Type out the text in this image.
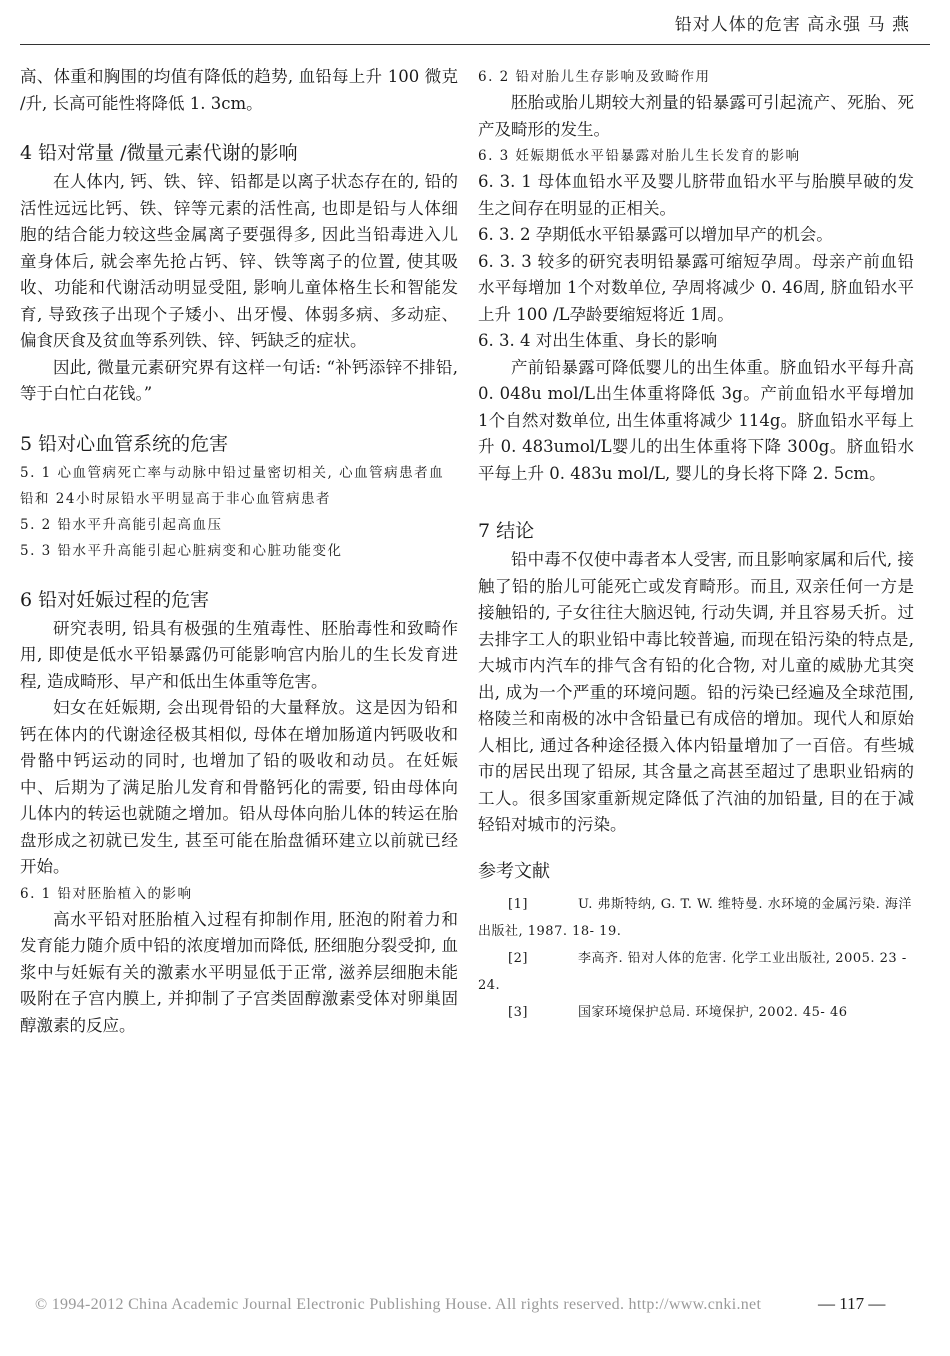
铅对人体的危害 高永强 马 燕

高、体重和胸围的均值有降低的趋势, 血铅每上升 100 微克 /升, 长高可能性将降低 1. 3cm。

4 铅对常量 /微量元素代谢的影响

在人体内, 钙、铁、锌、铅都是以离子状态存在的, 铅的活性远远比钙、铁、锌等元素的活性高, 也即是铅与人体细胞的结合能力较这些金属离子要强得多, 因此当铅毒进入儿童身体后, 就会率先抢占钙、锌、铁等离子的位置, 使其吸收、功能和代谢活动明显受阻, 影响儿童体格生长和智能发育, 导致孩子出现个子矮小、出牙慢、体弱多病、多动症、偏食厌食及贫血等系列铁、锌、钙缺乏的症状。

因此, 微量元素研究界有这样一句话: “补钙添锌不排铅, 等于白忙白花钱。”

5 铅对心血管系统的危害
5. 1 心血管病死亡率与动脉中铅过量密切相关, 心血管病患者血铅和 24小时尿铅水平明显高于非心血管病患者
5. 2 铅水平升高能引起高血压
5. 3 铅水平升高能引起心脏病变和心脏功能变化
6 铅对妊娠过程的危害

研究表明, 铅具有极强的生殖毒性、胚胎毒性和致畸作用, 即使是低水平铅暴露仍可能影响宫内胎儿的生长发育进程, 造成畸形、早产和低出生体重等危害。

妇女在妊娠期, 会出现骨铅的大量释放。这是因为铅和钙在体内的代谢途径极其相似, 母体在增加肠道内钙吸收和骨骼中钙运动的同时, 也增加了铅的吸收和动员。在妊娠中、后期为了满足胎儿发育和骨骼钙化的需要, 铅由母体向儿体内的转运也就随之增加。铅从母体向胎儿体的转运在胎盘形成之初就已发生, 甚至可能在胎盘循环建立以前就已经开始。

6. 1 铅对胚胎植入的影响

高水平铅对胚胎植入过程有抑制作用, 胚泡的附着力和发育能力随介质中铅的浓度增加而降低, 胚细胞分裂受抑, 血浆中与妊娠有关的激素水平明显低于正常, 滋养层细胞未能吸附在子宫内膜上, 并抑制了子宫类固醇激素受体对卵巢固醇激素的反应。

6. 2 铅对胎儿生存影响及致畸作用

胚胎或胎儿期较大剂量的铅暴露可引起流产、死胎、死产及畸形的发生。

6. 3 妊娠期低水平铅暴露对胎儿生长发育的影响

6. 3. 1 母体血铅水平及婴儿脐带血铅水平与胎膜早破的发生之间存在明显的正相关。

6. 3. 2 孕期低水平铅暴露可以增加早产的机会。

6. 3. 3 较多的研究表明铅暴露可缩短孕周。母亲产前血铅水平每增加 1个对数单位, 孕周将减少 0. 46周, 脐血铅水平上升 100 /L孕龄要缩短将近 1周。

6. 3. 4 对出生体重、身长的影响

产前铅暴露可降低婴儿的出生体重。脐血铅水平每升高 0. 048u mol/L出生体重将降低 3g。产前血铅水平每增加 1个自然对数单位, 出生体重将减少 114g。脐血铅水平每上升 0. 483umol/L婴儿的出生体重将下降 300g。脐血铅水平每上升 0. 483u mol/L, 婴儿的身长将下降 2. 5cm。

7 结论

铅中毒不仅使中毒者本人受害, 而且影响家属和后代, 接触了铅的胎儿可能死亡或发育畸形。而且, 双亲任何一方是接触铅的, 子女往往大脑迟钝, 行动失调, 并且容易夭折。过去排字工人的职业铅中毒比较普遍, 而现在铅污染的特点是, 大城市内汽车的排气含有铅的化合物, 对儿童的威胁尤其突出, 成为一个严重的环境问题。铅的污染已经遍及全球范围, 格陵兰和南极的冰中含铅量已有成倍的增加。现代人和原始人相比, 通过各种途径摄入体内铅量增加了一百倍。有些城市的居民出现了铅尿, 其含量之高甚至超过了患职业铅病的工人。很多国家重新规定降低了汽油的加铅量, 目的在于减轻铅对城市的污染。

参考文献
[1]	U. 弗斯特纳, G. T. W. 维特曼. 水环境的金属污染. 海洋出版社, 1987. 18- 19.
[2]	李高齐. 铅对人体的危害. 化学工业出版社, 2005. 23 - 24.
[3]	国家环境保护总局. 环境保护, 2002. 45- 46
© 1994-2012 China Academic Journal Electronic Publishing House. All rights reserved. http://www.cnki.net	— 117 —
